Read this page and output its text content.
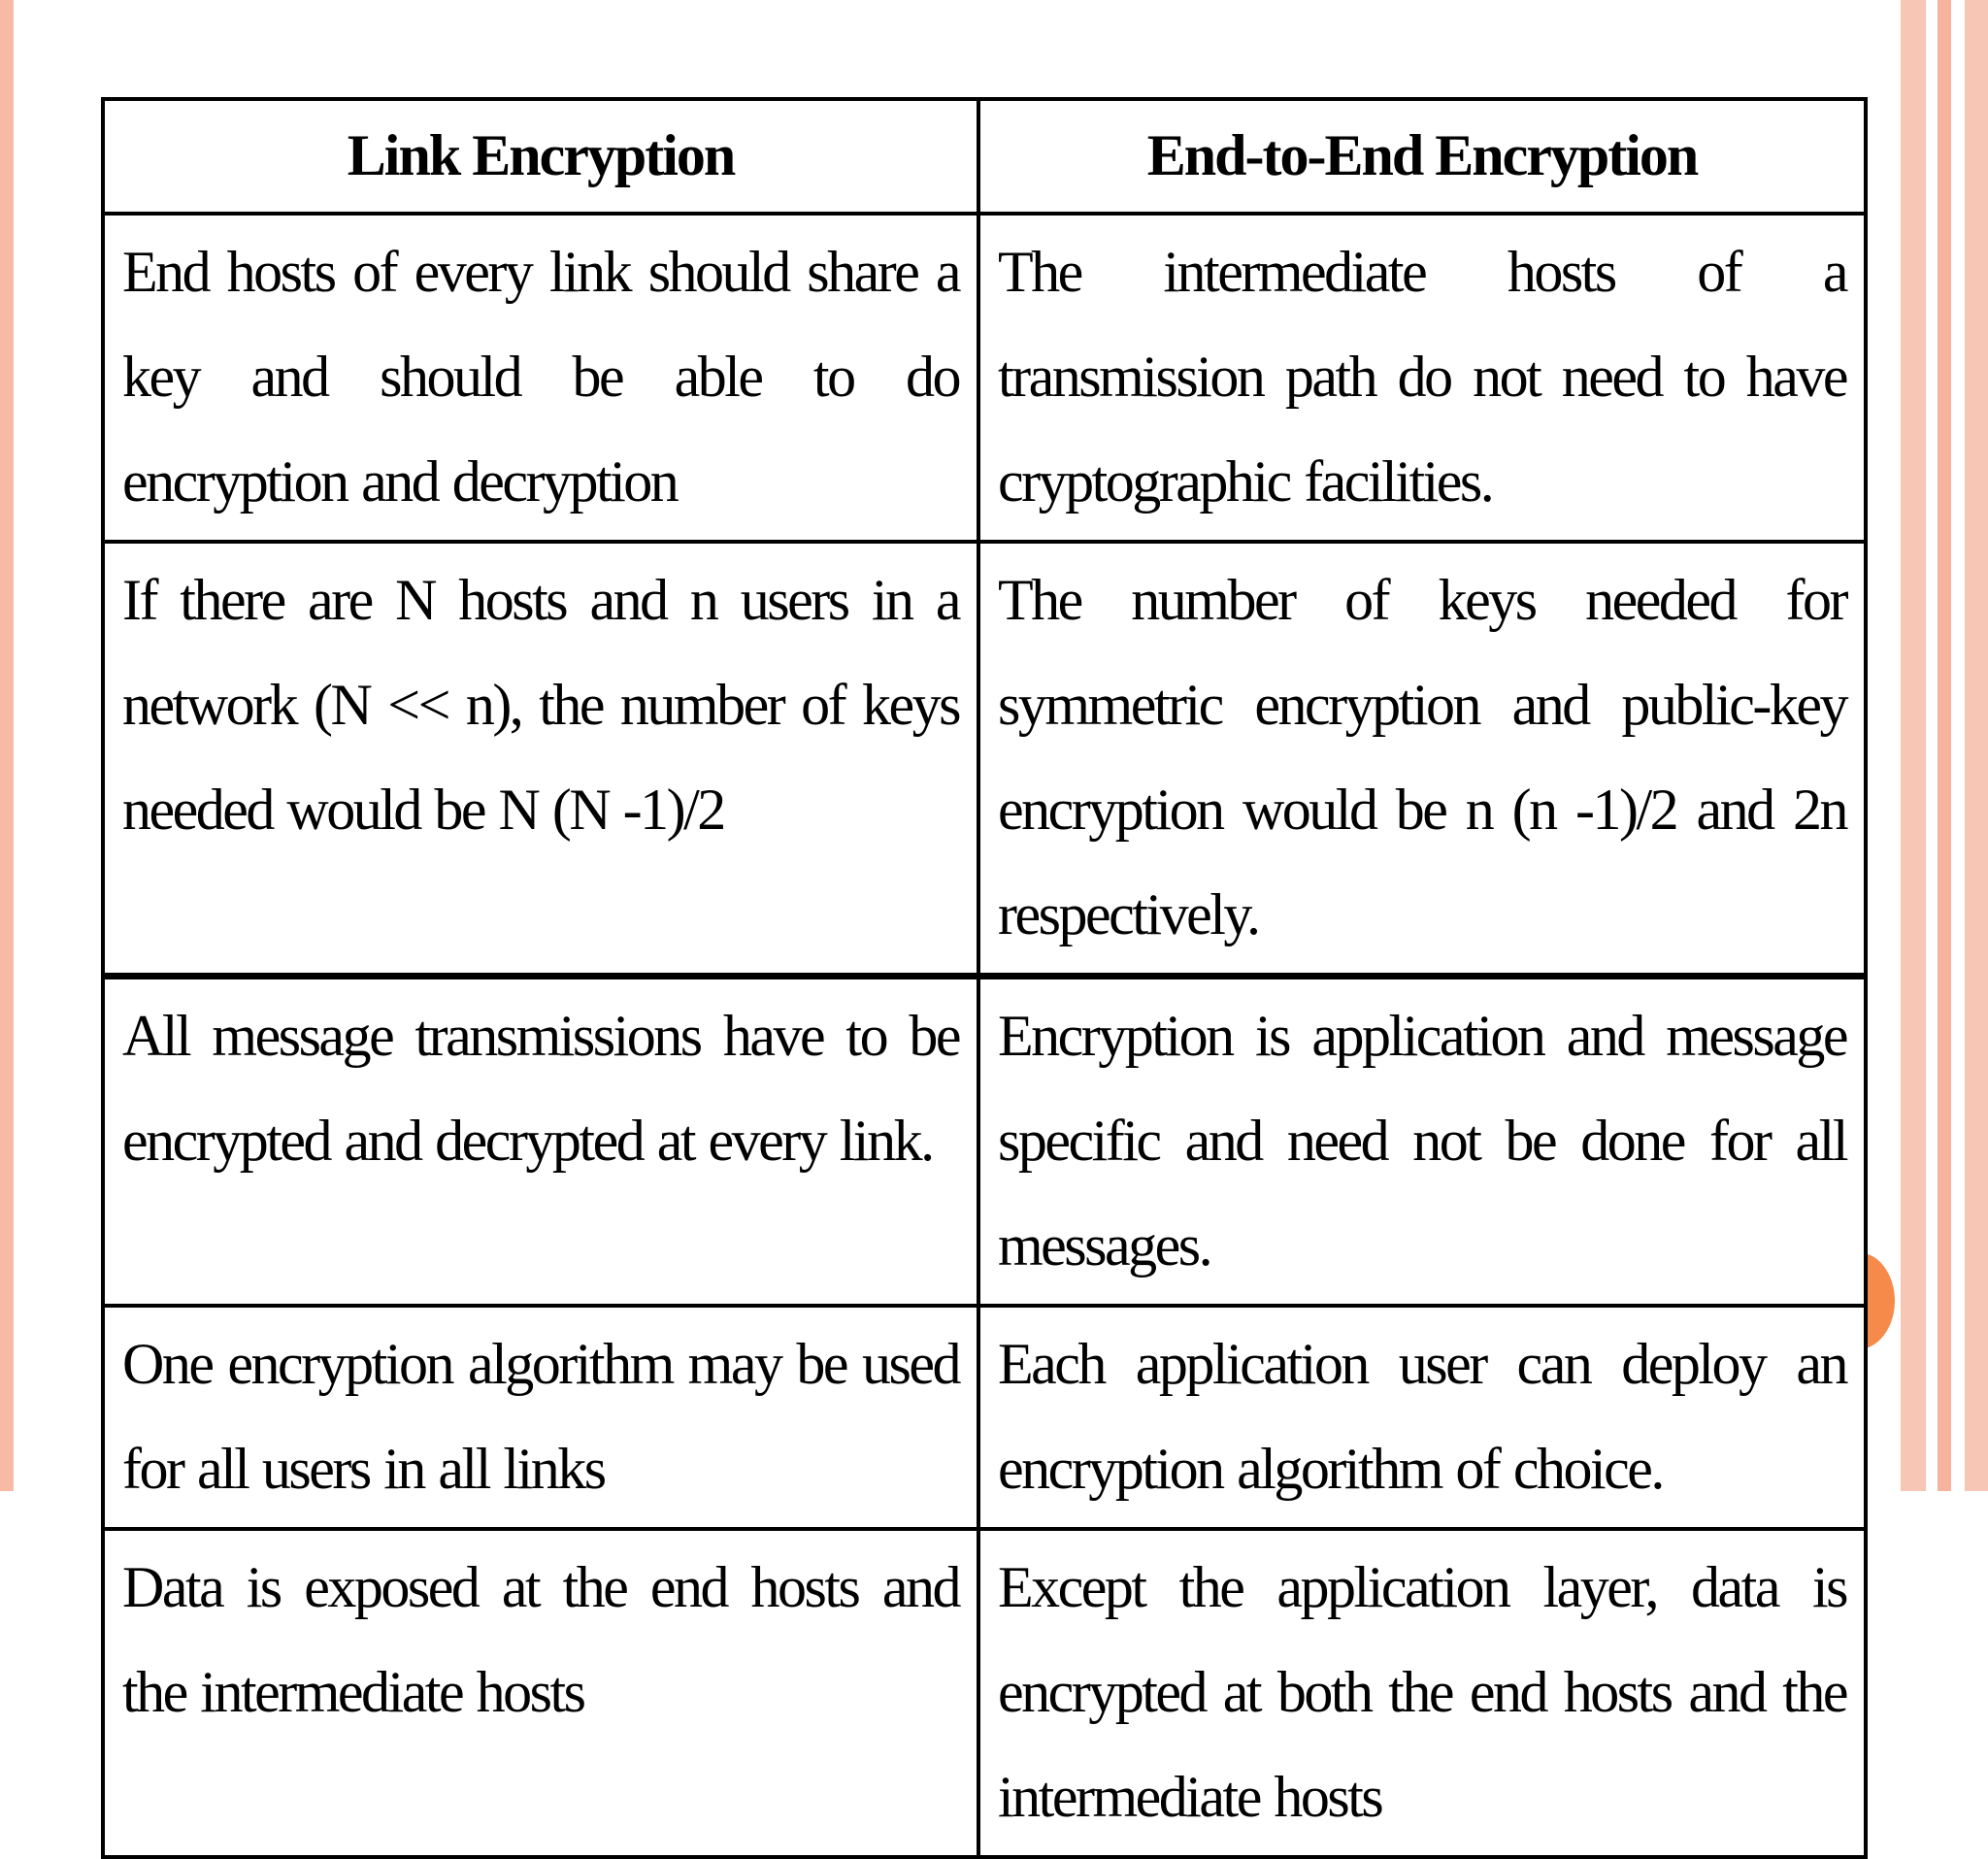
Link Encryption	End-to-End Encryption
End hosts of every link should share a key and should be able to do encryption and decryption	The intermediate hosts of a transmission path do not need to have cryptographic facilities.
If there are N hosts and n users in a network (N << n), the number of keys needed would be N (N -1)/2	The number of keys needed for symmetric encryption and public-key encryption would be n (n -1)/2 and 2n respectively.
All message transmissions have to be encrypted and decrypted at every link.	Encryption is application and message specific and need not be done for all messages.
One encryption algorithm may be used for all users in all links	Each application user can deploy an encryption algorithm of choice.
Data is exposed at the end hosts and the intermediate hosts	Except the application layer, data is encrypted at both the end hosts and the intermediate hosts
